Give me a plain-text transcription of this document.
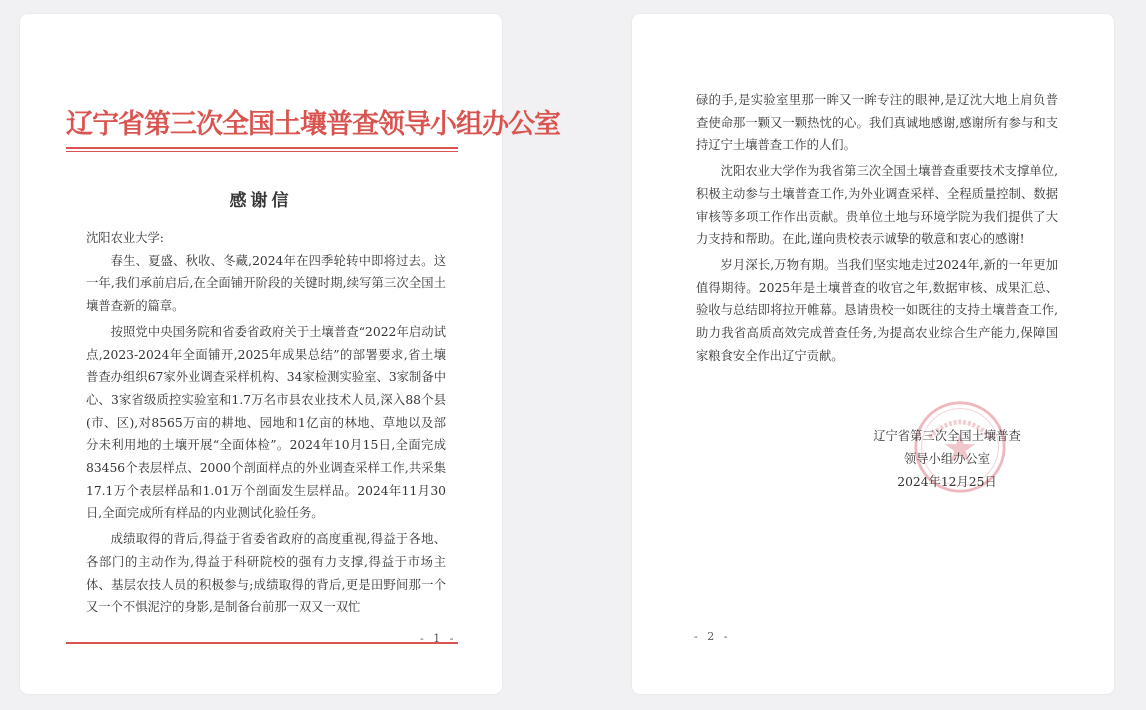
辽宁省第三次全国土壤普查领导小组办公室
感谢信

沈阳农业大学:

春生、夏盛、秋收、冬藏,2024年在四季轮转中即将过去。这一年,我们承前启后,在全面铺开阶段的关键时期,续写第三次全国土壤普查新的篇章。

按照党中央国务院和省委省政府关于土壤普查“2022年启动试点,2023-2024年全面铺开,2025年成果总结”的部署要求,省土壤普查办组织67家外业调查采样机构、34家检测实验室、3家制备中心、3家省级质控实验室和1.7万名市县农业技术人员,深入88个县(市、区),对8565万亩的耕地、园地和1亿亩的林地、草地以及部分未利用地的土壤开展“全面体检”。2024年10月15日,全面完成83456个表层样点、2000个剖面样点的外业调查采样工作,共采集17.1万个表层样品和1.01万个剖面发生层样品。2024年11月30日,全面完成所有样品的内业测试化验任务。

成绩取得的背后,得益于省委省政府的高度重视,得益于各地、各部门的主动作为,得益于科研院校的强有力支撑,得益于市场主体、基层农技人员的积极参与;成绩取得的背后,更是田野间那一个又一个不惧泥泞的身影,是制备台前那一双又一双忙

- 1 -

碌的手,是实验室里那一眸又一眸专注的眼神,是辽沈大地上肩负普查使命那一颗又一颗热忱的心。我们真诚地感谢,感谢所有参与和支持辽宁土壤普查工作的人们。

沈阳农业大学作为我省第三次全国土壤普查重要技术支撑单位,积极主动参与土壤普查工作,为外业调查采样、全程质量控制、数据审核等多项工作作出贡献。贵单位土地与环境学院为我们提供了大力支持和帮助。在此,谨向贵校表示诚挚的敬意和衷心的感谢!

岁月深长,万物有期。当我们坚实地走过2024年,新的一年更加值得期待。2025年是土壤普查的收官之年,数据审核、成果汇总、验收与总结即将拉开帷幕。恳请贵校一如既往的支持土壤普查工作,助力我省高质高效完成普查任务,为提高农业综合生产能力,保障国家粮食安全作出辽宁贡献。

辽宁省第三次全国土壤普查
领导小组办公室
2024年12月25日
- 2 -
